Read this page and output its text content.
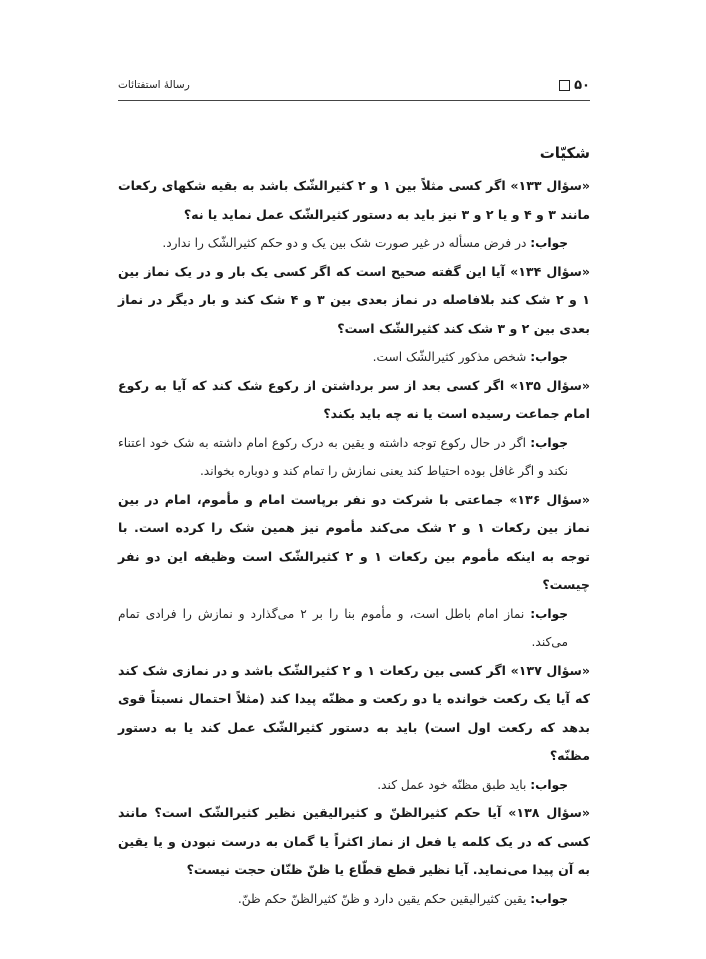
۵۰
رسالهٔ استفتائات
شکیّات

«سؤال ۱۳۳» اگر کسی مثلاً بین ۱ و ۲ کثیرالشّک باشد به بقیه شکهای رکعات مانند ۳ و ۴ و یا ۲ و ۳ نیز باید به دستور کثیرالشّک عمل نماید یا نه؟

جواب: در فرض مسأله در غیر صورت شک بین یک و دو حکم کثیرالشّک را ندارد.

«سؤال ۱۳۴» آیا این گفته صحیح است که اگر کسی یک بار و در یک نماز بین ۱ و ۲ شک کند بلافاصله در نماز بعدی بین ۳ و ۴ شک کند و بار دیگر در نماز بعدی بین ۲ و ۳ شک کند کثیرالشّک است؟

جواب: شخص مذکور کثیرالشّک است.

«سؤال ۱۳۵» اگر کسی بعد از سر برداشتن از رکوع شک کند که آیا به رکوع امام جماعت رسیده است یا نه چه باید بکند؟

جواب: اگر در حال رکوع توجه داشته و یقین به درک رکوع امام داشته به شک خود اعتناء نکند و اگر غافل بوده احتیاط کند یعنی نمازش را تمام کند و دوباره بخواند.

«سؤال ۱۳۶» جماعتی با شرکت دو نفر برپاست امام و مأموم، امام در بین نماز بین رکعات ۱ و ۲ شک می‌کند مأموم نیز همین شک را کرده است. با توجه به اینکه مأموم بین رکعات ۱ و ۲ کثیرالشّک است وظیفه این دو نفر چیست؟

جواب: نماز امام باطل است، و مأموم بنا را بر ۲ می‌گذارد و نمازش را فرادی تمام می‌کند.

«سؤال ۱۳۷» اگر کسی بین رکعات ۱ و ۲ کثیرالشّک باشد و در نمازی شک کند که آیا یک رکعت خوانده یا دو رکعت و مظنّه پیدا کند (مثلاً احتمال نسبتاً قوی بدهد که رکعت اول است) باید به دستور کثیرالشّک عمل کند یا به دستور مظنّه؟

جواب: باید طبق مظنّه خود عمل کند.

«سؤال ۱۳۸» آیا حکم کثیرالظنّ و کثیرالیقین نظیر کثیرالشّک است؟ مانند کسی که در یک کلمه یا فعل از نماز اکثراً یا گمان به درست نبودن و یا یقین به آن پیدا می‌نماید. آیا نظیر قطع قطّاع یا ظنّ ظنّان حجت نیست؟

جواب: یقین کثیرالیقین حکم یقین دارد و ظنّ کثیرالظنّ حکم ظنّ.
